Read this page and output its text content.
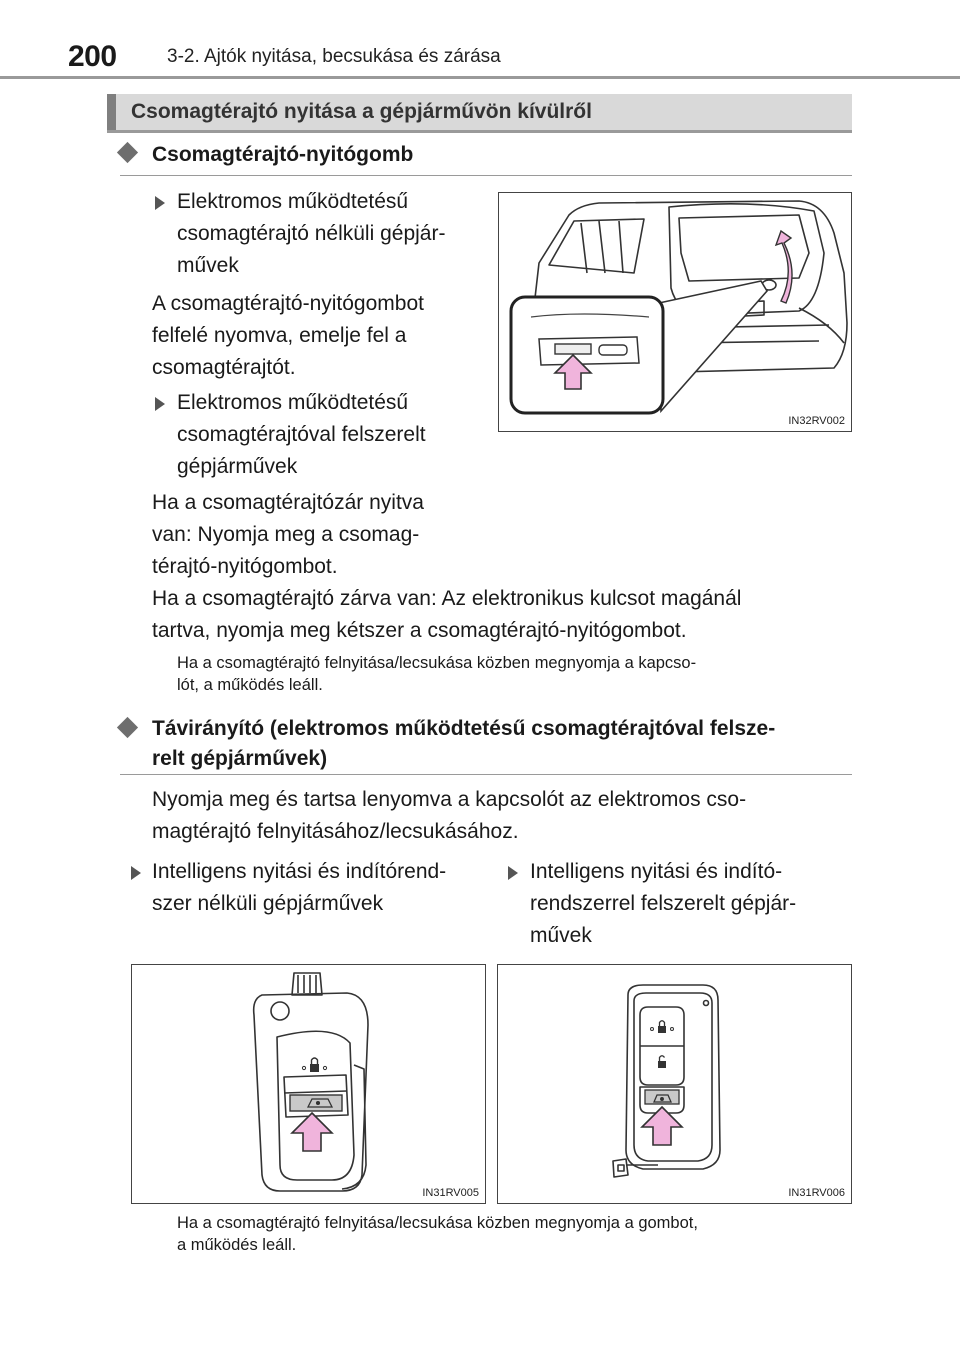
200	3-2. Ajtók nyitása, becsukása és zárása
Csomagtérajtó nyitása a gépjárművön kívülről
Csomagtérajtó-nyitógomb
Elektromos működtetésű
csomagtérajtó nélküli gépjár-
művek
A csomagtérajtó-nyitógombot
felfelé nyomva, emelje fel a
csomagtérajtót.
Elektromos működtetésű
csomagtérajtóval felszerelt
gépjárművek
Ha a csomagtérajtózár nyitva
van: Nyomja meg a csomag-
térajtó-nyitógombot.
IN32RV002
Ha a csomagtérajtó zárva van: Az elektronikus kulcsot magánál
tartva, nyomja meg kétszer a csomagtérajtó-nyitógombot.
Ha a csomagtérajtó felnyitása/lecsukása közben megnyomja a kapcso-
lót, a működés leáll.
Távirányító (elektromos működtetésű csomagtérajtóval felsze-
relt gépjárművek)
Nyomja meg és tartsa lenyomva a kapcsolót az elektromos cso-
magtérajtó felnyitásához/lecsukásához.
Intelligens nyitási és indítórend-
szer nélküli gépjárművek
Intelligens nyitási és indító-
rendszerrel felszerelt gépjár-
művek
IN31RV005	IN31RV006
Ha a csomagtérajtó felnyitása/lecsukása közben megnyomja a gombot,
a működés leáll.
